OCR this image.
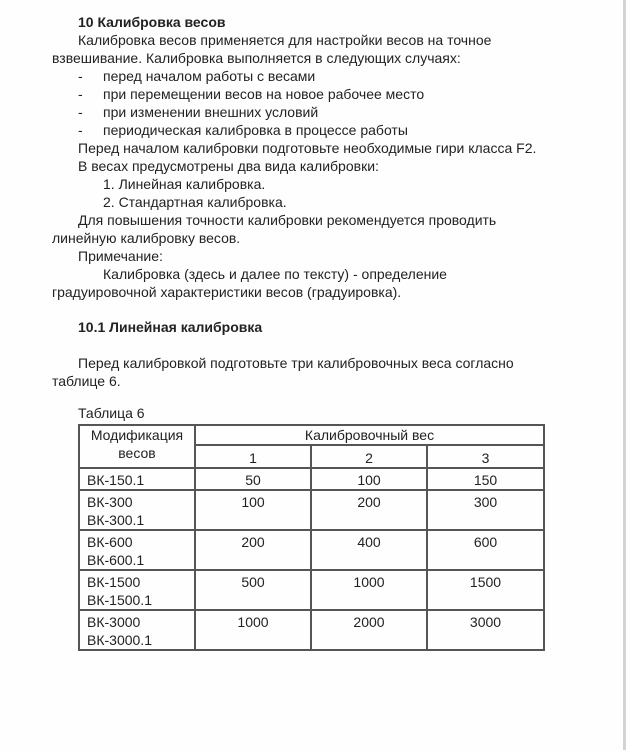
10 Калибровка весов
Калибровка весов применяется для настройки весов на точное
взвешивание. Калибровка выполняется в следующих случаях:
- перед началом работы с весами
- при перемещении весов на новое рабочее место
- при изменении внешних условий
- периодическая калибровка в процессе работы
Перед началом калибровки подготовьте необходимые гири класса F2.
В весах предусмотрены два вида калибровки:
1. Линейная калибровка.
2. Стандартная калибровка.
Для повышения точности калибровки рекомендуется проводить
линейную калибровку весов.
Примечание:
Калибровка (здесь и далее по тексту) - определение
градуировочной характеристики весов (градуировка).
10.1 Линейная калибровка
Перед калибровкой подготовьте три калибровочных веса согласно
таблице 6.
Таблица 6
Модификация
весов	Калибровочный вес		
	1	2	3
ВК-150.1	50	100	150

ВК-300
ВК-300.1	100	200	300

ВК-600
ВК-600.1	200	400	600

ВК-1500
ВК-1500.1	500	1000	1500

ВК-3000
ВК-3000.1	1000	2000	3000
